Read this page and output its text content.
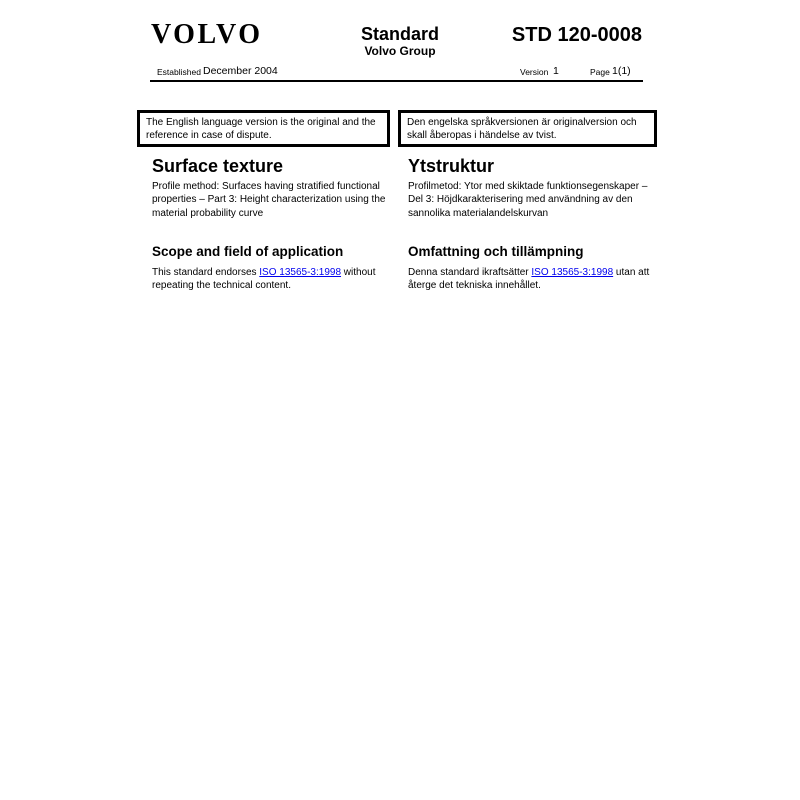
VOLVO	Standard
Volvo Group
STD 120-0008
Established December 2004	Version 1	Page 1(1)
The English language version is the original and the reference in case of dispute.
Den engelska språkversionen är originalversion och skall åberopas i händelse av tvist.
Surface texture

Profile method: Surfaces having stratified functional properties – Part 3: Height characterization using the material probability curve

Scope and field of application

This standard endorses ISO 13565-3:1998 without repeating the technical content.

Ytstruktur

Profilmetod: Ytor med skiktade funktionsegenskaper – Del 3: Höjdkarakterisering med användning av den sannolika materialandelskurvan

Omfattning och tillämpning

Denna standard ikraftsätter ISO 13565-3:1998 utan att återge det tekniska innehållet.
